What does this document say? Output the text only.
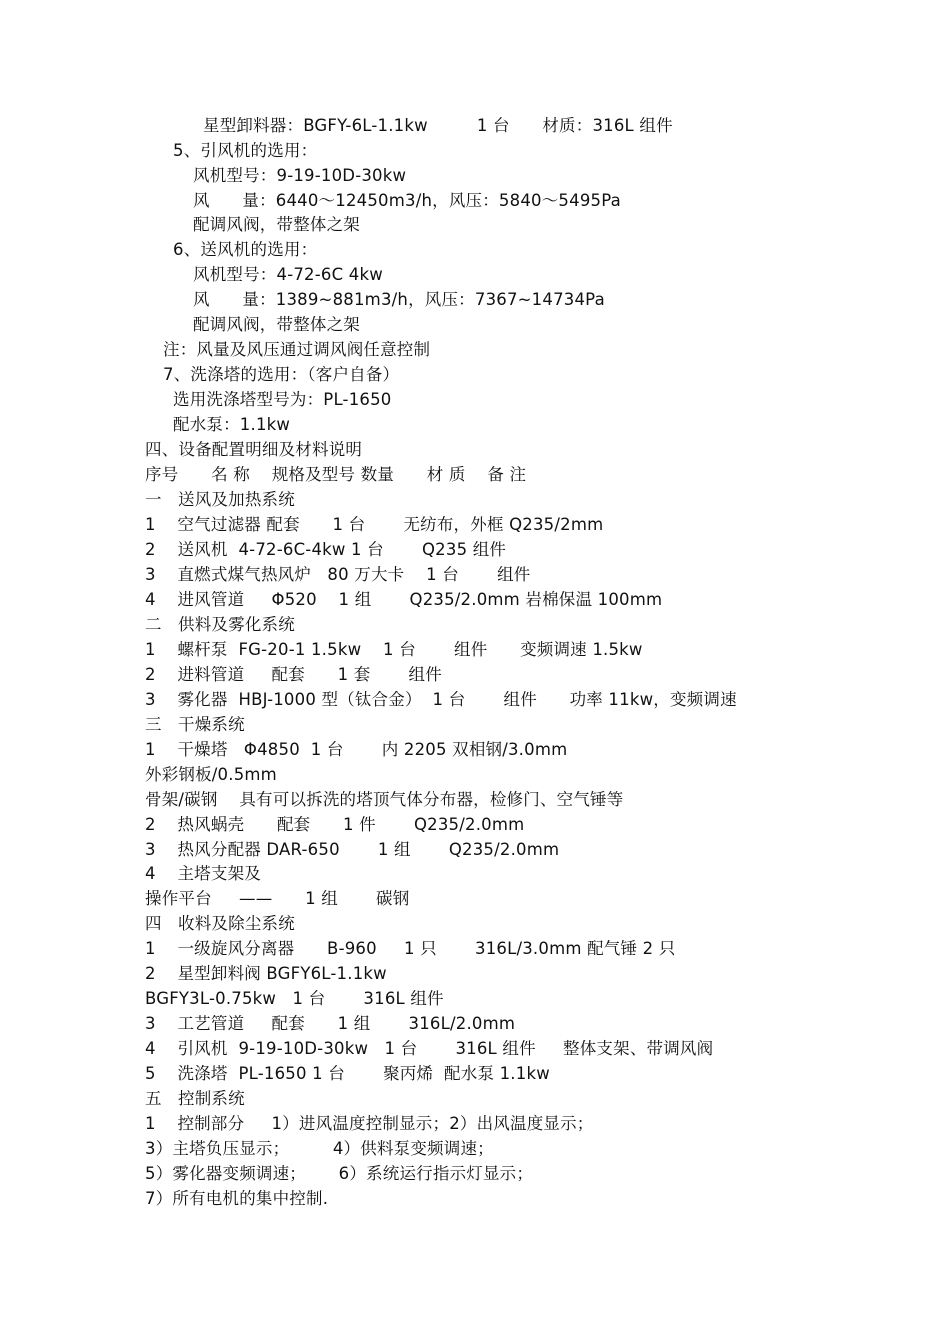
星型卸料器：BGFY-6L-1.1kw         1 台      材质：316L 组件
5、引风机的选用：
风机型号：9-19-10D-30kw
风      量：6440～12450m3/h，风压：5840～5495Pa
配调风阀，带整体之架
6、送风机的选用：
风机型号：4-72-6C 4kw
风      量：1389~881m3/h，风压：7367~14734Pa
配调风阀，带整体之架
注：风量及风压通过调风阀任意控制
7、洗涤塔的选用：（客户自备）
选用洗涤塔型号为：PL-1650
配水泵：1.1kw
四、设备配置明细及材料说明
序号      名 称    规格及型号 数量      材 质    备 注
一   送风及加热系统
1    空气过滤器 配套      1 台       无纺布，外框 Q235/2mm
2    送风机  4-72-6C-4kw 1 台       Q235 组件
3    直燃式煤气热风炉   80 万大卡    1 台       组件
4    进风管道     Φ520    1 组       Q235/2.0mm 岩棉保温 100mm
二   供料及雾化系统
1    螺杆泵  FG-20-1 1.5kw    1 台       组件      变频调速 1.5kw
2    进料管道     配套      1 套       组件
3    雾化器  HBJ-1000 型（钛合金）  1 台       组件      功率 11kw，变频调速
三   干燥系统
1    干燥塔   Φ4850  1 台       内 2205 双相钢/3.0mm
外彩钢板/0.5mm
骨架/碳钢    具有可以拆洗的塔顶气体分布器，检修门、空气锤等
2    热风蜗壳      配套      1 件       Q235/2.0mm
3    热风分配器 DAR-650       1 组       Q235/2.0mm
4    主塔支架及
操作平台     ——      1 组       碳钢
四   收料及除尘系统
1    一级旋风分离器      B-960     1 只       316L/3.0mm 配气锤 2 只
2    星型卸料阀 BGFY6L-1.1kw
BGFY3L-0.75kw   1 台       316L 组件
3    工艺管道     配套      1 组       316L/2.0mm
4    引风机  9-19-10D-30kw   1 台       316L 组件     整体支架、带调风阀
5    洗涤塔  PL-1650 1 台       聚丙烯  配水泵 1.1kw
五   控制系统
1    控制部分     1）进风温度控制显示；2）出风温度显示；
3）主塔负压显示；        4）供料泵变频调速；
5）雾化器变频调速；      6）系统运行指示灯显示；
7）所有电机的集中控制.
